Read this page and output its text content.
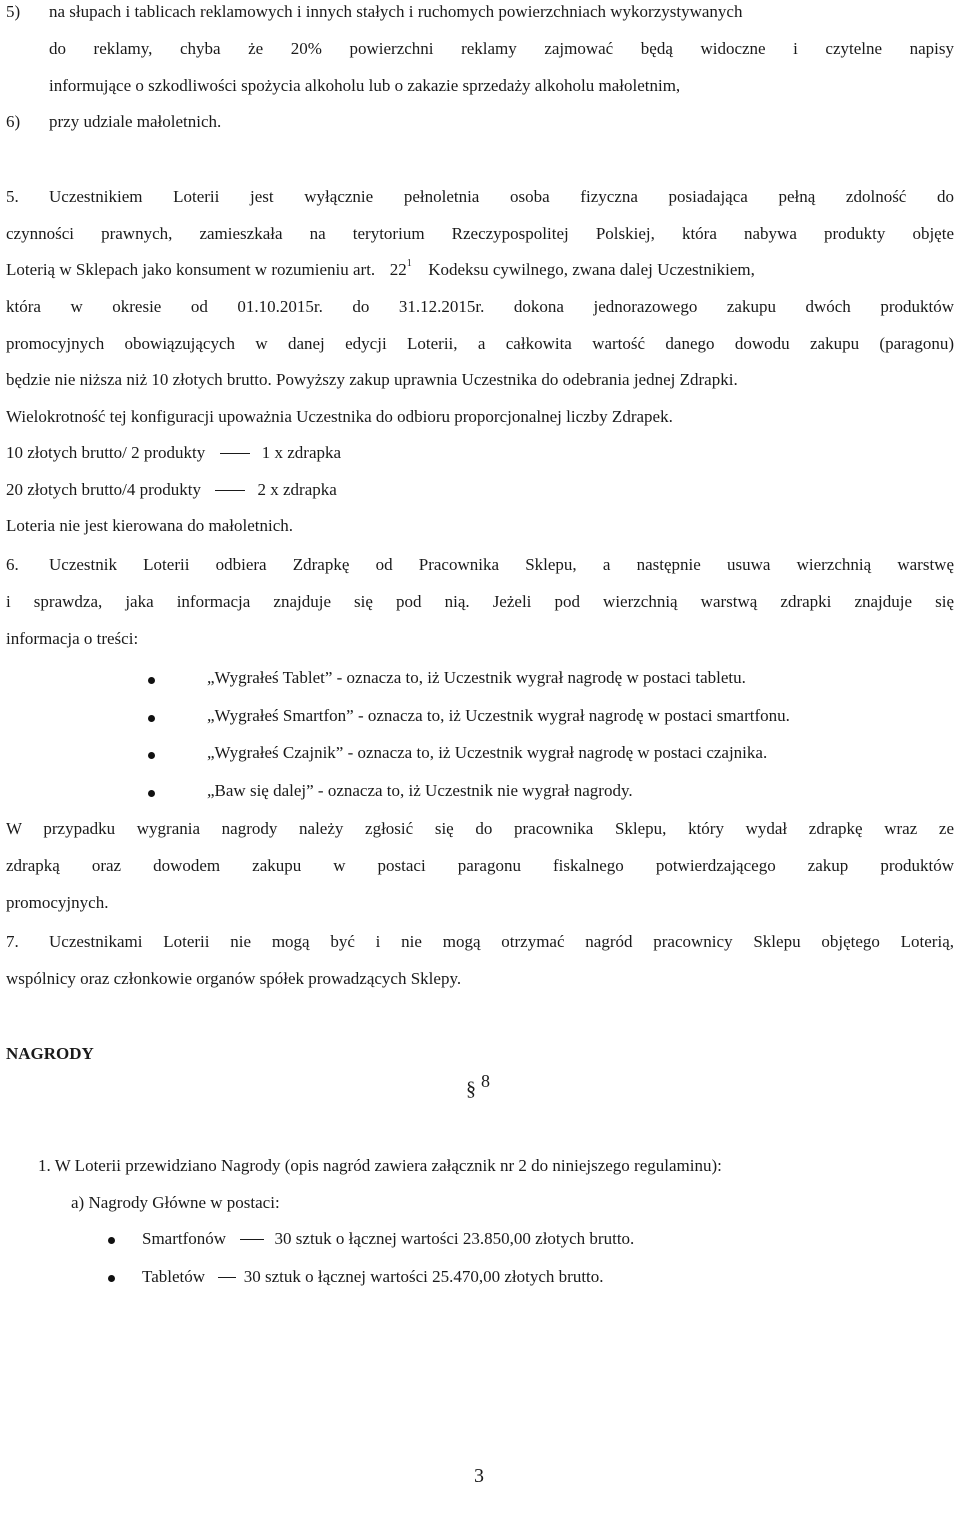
5) na słupach i tablicach reklamowych i innych stałych i ruchomych powierzchniach wykorzystywanych
do reklamy, chyba że 20% powierzchni reklamy zajmować będą widoczne i czytelne napisy
informujące o szkodliwości spożycia alkoholu lub o zakazie sprzedaży alkoholu małoletnim,
6) przy udziale małoletnich.
5. Uczestnikiem Loterii jest wyłącznie pełnoletnia osoba fizyczna posiadająca pełną zdolność do
czynności prawnych, zamieszkała na terytorium Rzeczypospolitej Polskiej, która nabywa produkty objęte
Loterią w Sklepach jako konsument w rozumieniu art. $22^1$ Kodeksu cywilnego, zwana dalej Uczestnikiem,
która w okresie od 01.10.2015r. do 31.12.2015r. dokona jednorazowego zakupu dwóch produktów
promocyjnych obowiązujących w danej edycji Loterii, a całkowita wartość danego dowodu zakupu (paragonu)
będzie nie niższa niż 10 złotych brutto. Powyższy zakup uprawnia Uczestnika do odebrania jednej Zdrapki.
Wielokrotność tej konfiguracji upoważnia Uczestnika do odbioru proporcjonalnej liczby Zdrapek.
10 złotych brutto/ 2 produkty	1 x zdrapka
20 złotych brutto/4 produkty	2 x zdrapka
Loteria nie jest kierowana do małoletnich.
6. Uczestnik Loterii odbiera Zdrapkę od Pracownika Sklepu, a następnie usuwa wierzchnią warstwę
i sprawdza, jaka informacja znajduje się pod nią. Jeżeli pod wierzchnią warstwą zdrapki znajduje się
informacja o treści:
„Wygrałeś Tablet” - oznacza to, iż Uczestnik wygrał nagrodę w postaci tabletu.
„Wygrałeś Smartfon” - oznacza to, iż Uczestnik wygrał nagrodę w postaci smartfonu.
„Wygrałeś Czajnik” - oznacza to, iż Uczestnik wygrał nagrodę w postaci czajnika.
„Baw się dalej” - oznacza to, iż Uczestnik nie wygrał nagrody.
W przypadku wygrania nagrody należy zgłosić się do pracownika Sklepu, który wydał zdrapkę wraz ze
zdrapką oraz dowodem zakupu w postaci paragonu fiskalnego potwierdzającego zakup produktów
promocyjnych.
7. Uczestnikami Loterii nie mogą być i nie mogą otrzymać nagród pracownicy Sklepu objętego Loterią,
wspólnicy oraz członkowie organów spółek prowadzących Sklepy.
NAGRODY
§ 8
1. W Loterii przewidziano Nagrody (opis nagród zawiera załącznik nr 2 do niniejszego regulaminu):
a) Nagrody Główne w postaci:
Smartfonów	30 sztuk o łącznej wartości 23.850,00 złotych brutto.
Tabletów 30 sztuk o łącznej wartości 25.470,00 złotych brutto.
3
